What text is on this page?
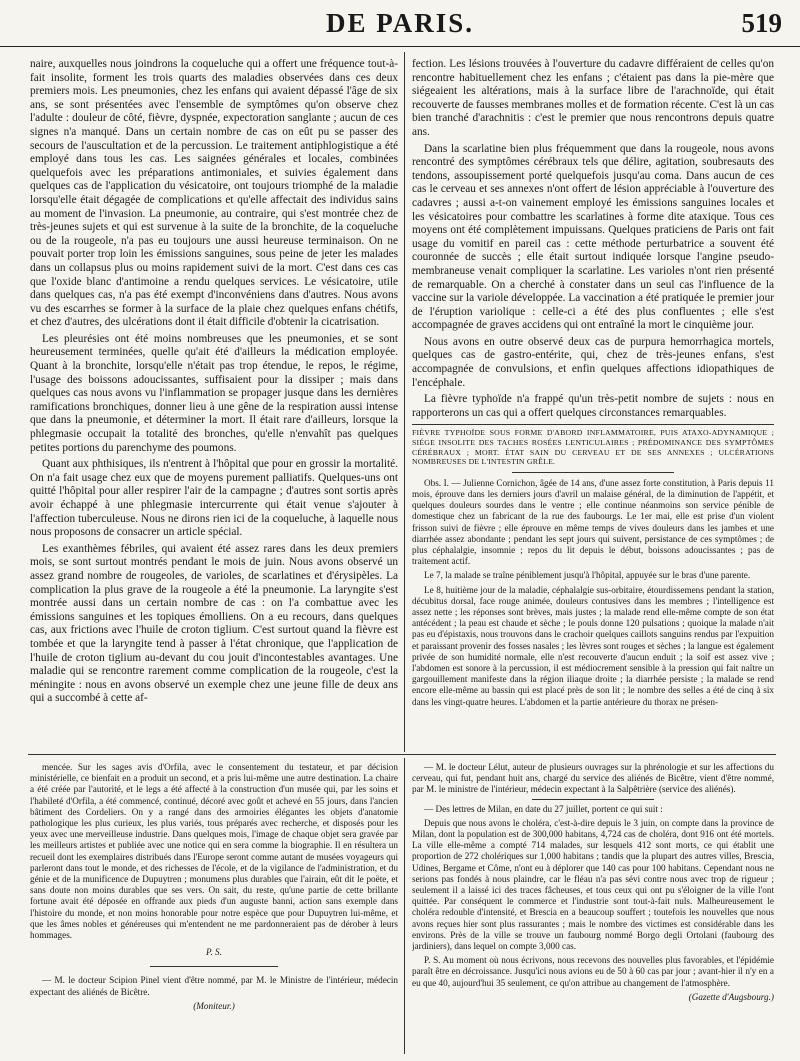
DE PARIS.	519

naire, auxquelles nous joindrons la coqueluche qui a offert une fréquence tout-à-fait insolite, forment les trois quarts des maladies observées dans ces deux premiers mois. Les pneumonies, chez les enfans qui avaient dépassé l'âge de six ans, se sont présentées avec l'ensemble de symptômes qu'on observe chez l'adulte : douleur de côté, fièvre, dyspnée, expectoration sanglante ; aucun de ces signes n'a manqué. Dans un certain nombre de cas on eût pu se passer des secours de l'auscultation et de la percussion. Le traitement antiphlogistique a été employé dans tous les cas. Les saignées générales et locales, combinées quelquefois avec les préparations antimoniales, et suivies également dans quelques cas de l'application du vésicatoire, ont toujours triomphé de la maladie lorsqu'elle était dégagée de complications et qu'elle affectait des individus sains au moment de l'invasion. La pneumonie, au contraire, qui s'est montrée chez de très-jeunes sujets et qui est survenue à la suite de la bronchite, de la coqueluche ou de la rougeole, n'a pas eu toujours une aussi heureuse terminaison. On ne pouvait porter trop loin les émissions sanguines, sous peine de jeter les malades dans un collapsus plus ou moins rapidement suivi de la mort. C'est dans ces cas que l'oxide blanc d'antimoine a rendu quelques services. Le vésicatoire, utile dans quelques cas, n'a pas été exempt d'inconvéniens dans d'autres. Nous avons vu des escarrhes se former à la surface de la plaie chez quelques enfans chétifs, et chez d'autres, des ulcérations dont il était difficile d'obtenir la cicatrisation.

Les pleurésies ont été moins nombreuses que les pneumonies, et se sont heureusement terminées, quelle qu'ait été d'ailleurs la médication employée. Quant à la bronchite, lorsqu'elle n'était pas trop étendue, le repos, le régime, l'usage des boissons adoucissantes, suffisaient pour la dissiper ; mais dans quelques cas nous avons vu l'inflammation se propager jusque dans les dernières ramifications bronchiques, donner lieu à une gêne de la respiration aussi intense que dans la pneumonie, et déterminer la mort. Il était rare d'ailleurs, lorsque la phlegmasie occupait la totalité des bronches, qu'elle n'envahît pas quelques petites portions du parenchyme des poumons.

Quant aux phthisiques, ils n'entrent à l'hôpital que pour en grossir la mortalité. On n'a fait usage chez eux que de moyens purement palliatifs. Quelques-uns ont quitté l'hôpital pour aller respirer l'air de la campagne ; d'autres sont sortis après avoir échappé à une phlegmasie intercurrente qui était venue s'ajouter à l'affection tuberculeuse. Nous ne dirons rien ici de la coqueluche, à laquelle nous nous proposons de consacrer un article spécial.

Les exanthèmes fébriles, qui avaient été assez rares dans les deux premiers mois, se sont surtout montrés pendant le mois de juin. Nous avons observé un assez grand nombre de rougeoles, de varioles, de scarlatines et d'érysipèles. La complication la plus grave de la rougeole a été la pneumonie. La laryngite s'est montrée aussi dans un certain nombre de cas : on l'a combattue avec les émissions sanguines et les topiques émolliens. On a eu recours, dans quelques cas, aux frictions avec l'huile de croton tiglium. C'est surtout quand la fièvre est tombée et que la laryngite tend à passer à l'état chronique, que l'application de l'huile de croton tiglium au-devant du cou jouit d'incontestables avantages. Une maladie qui se rencontre rarement comme complication de la rougeole, c'est la méningite : nous en avons observé un exemple chez une jeune fille de deux ans qui a succombé à cette af-

fection. Les lésions trouvées à l'ouverture du cadavre différaient de celles qu'on rencontre habituellement chez les enfans ; c'étaient pas dans la pie-mère que siégeaient les altérations, mais à la surface libre de l'arachnoïde, qui était recouverte de fausses membranes molles et de formation récente. C'est là un cas bien tranché d'arachnitis : c'est le premier que nous rencontrons depuis quatre ans.

Dans la scarlatine bien plus fréquemment que dans la rougeole, nous avons rencontré des symptômes cérébraux tels que délire, agitation, soubresauts des tendons, assoupissement porté quelquefois jusqu'au coma. Dans aucun de ces cas le cerveau et ses annexes n'ont offert de lésion appréciable à l'ouverture des cadavres ; aussi a-t-on vainement employé les émissions sanguines locales et les vésicatoires pour combattre les scarlatines à forme dite ataxique. Tous ces moyens ont été complètement impuissans. Quelques praticiens de Paris ont fait usage du vomitif en pareil cas : cette méthode perturbatrice a souvent été couronnée de succès ; elle était surtout indiquée lorsque l'angine pseudo-membraneuse venait compliquer la scarlatine. Les varioles n'ont rien présenté de remarquable. On a cherché à constater dans un seul cas l'influence de la vaccine sur la variole développée. La vaccination a été pratiquée le premier jour de l'éruption variolique : celle-ci a été des plus confluentes ; elle s'est accompagnée de graves accidens qui ont entraîné la mort le cinquième jour.

Nous avons en outre observé deux cas de purpura hemorrhagica mortels, quelques cas de gastro-entérite, qui, chez de très-jeunes enfans, s'est accompagnée de convulsions, et enfin quelques affections idiopathiques de l'encéphale.

La fièvre typhoïde n'a frappé qu'un très-petit nombre de sujets : nous en rapporterons un cas qui a offert quelques circonstances remarquables.

FIÈVRE TYPHOÏDE SOUS FORME D'ABORD INFLAMMATOIRE, PUIS ATAXO-ADYNAMIQUE ; SIÉGE INSOLITE DES TACHES ROSÉES LENTICULAIRES ; PRÉDOMINANCE DES SYMPTÔMES CÉRÉBRAUX ; MORT. ÉTAT SAIN DU CERVEAU ET DE SES ANNEXES ; ULCÉRATIONS NOMBREUSES DE L'INTESTIN GRÊLE.

Obs. I. — Julienne Cornichon, âgée de 14 ans, d'une assez forte constitution, à Paris depuis 11 mois, éprouve dans les derniers jours d'avril un malaise général, de la diminution de l'appétit, et quelques douleurs sourdes dans le ventre ; elle continue néanmoins son service pénible de domestique chez un fabricant de la rue des faubourgs. Le 1er mai, elle est prise d'un violent frisson suivi de fièvre ; elle éprouve en même temps de vives douleurs dans les jambes et une diarrhée assez abondante ; pendant les sept jours qui suivent, persistance de ces symptômes ; de plus céphalalgie, insomnie ; repos du lit depuis le début, boissons adoucissantes ; pas de traitement actif.

Le 7, la malade se traîne péniblement jusqu'à l'hôpital, appuyée sur le bras d'une parente.

Le 8, huitième jour de la maladie, céphalalgie sus-orbitaire, étourdissemens pendant la station, décubitus dorsal, face rouge animée, douleurs contusives dans les membres ; l'intelligence est assez nette ; les réponses sont brèves, mais justes ; la malade rend elle-même compte de son état antécédent ; la peau est chaude et sèche ; le pouls donne 120 pulsations ; quoique la malade n'ait pas eu d'épistaxis, nous trouvons dans le crachoir quelques caillots sanguins rendus par l'expuition et paraissant provenir des fosses nasales ; les lèvres sont rouges et sèches ; la langue est également privée de son humidité normale, elle n'est recouverte d'aucun enduit ; la soif est assez vive ; l'abdomen est sonore à la percussion, il est médiocrement sensible à la pression qui fait naître un gargouillement manifeste dans la région iliaque droite ; la diarrhée persiste ; la malade se rend encore elle-même au bassin qui est placé près de son lit ; le nombre des selles a été de cinq à six dans les vingt-quatre heures. L'abdomen et la partie antérieure du thorax ne présen-

mencée. Sur les sages avis d'Orfila, avec le consentement du testateur, et par décision ministérielle, ce bienfait en a produit un second, et a pris lui-même une autre destination. La chaire a été créée par l'autorité, et le legs a été affecté à la construction d'un musée qui, par les soins et l'habileté d'Orfila, a été commencé, continué, décoré avec goût et achevé en 55 jours, dans l'ancien bâtiment des Cordeliers. On y a rangé dans des armoiries élégantes les objets d'anatomie pathologique les plus curieux, les plus variés, tous préparés avec recherche, et disposés pour les yeux avec une merveilleuse industrie. Dans quelques mois, l'image de chaque objet sera gravée par les meilleurs artistes et publiée avec une notice qui en sera comme la biographie. Il en résultera un recueil dont les exemplaires distribués dans l'Europe seront comme autant de musées voyageurs qui parleront dans tout le monde, et des richesses de l'école, et de la vigilance de l'administration, et du génie et de la munificence de Dupuytren ; monumens plus durables que l'airain, eût dit le poëte, et sans doute non moins durables que ses vers. On sait, du reste, qu'une partie de cette brillante fortune avait été déposée en offrande aux pieds d'un auguste banni, action sans exemple dans l'histoire du monde, et non moins honorable pour notre espèce que pour Dupuytren lui-même, et que les âmes nobles et généreuses qui m'entendent ne me pardonneraient pas de dérober à leurs hommages.

P. S.

— M. le docteur Scipion Pinel vient d'être nommé, par M. le Ministre de l'intérieur, médecin expectant des aliénés de Bicêtre.

(Moniteur.)

— M. le docteur Lélut, auteur de plusieurs ouvrages sur la phrénologie et sur les affections du cerveau, qui fut, pendant huit ans, chargé du service des aliénés de Bicêtre, vient d'être nommé, par M. le ministre de l'intérieur, médecin expectant à la Salpêtrière (service des aliénés).

— Des lettres de Milan, en date du 27 juillet, portent ce qui suit :

Depuis que nous avons le choléra, c'est-à-dire depuis le 3 juin, on compte dans la province de Milan, dont la population est de 300,000 habitans, 4,724 cas de choléra, dont 916 ont été mortels. La ville elle-même a compté 714 malades, sur lesquels 412 sont morts, ce qui établit une proportion de 272 cholériques sur 1,000 habitans ; tandis que la plupart des autres villes, Brescia, Udines, Bergame et Côme, n'ont eu à déplorer que 140 cas pour 100 habitans. Cependant nous ne serions pas fondés à nous plaindre, car le fléau n'a pas sévi contre nous avec trop de rigueur ; seulement il a laissé ici des traces fâcheuses, et tous ceux qui ont pu s'éloigner de la ville l'ont quittée. Par conséquent le commerce et l'industrie sont tout-à-fait nuls. Malheureusement le choléra redouble d'intensité, et Brescia en a beaucoup souffert ; toutefois les nouvelles que nous avons reçues hier sont plus rassurantes ; mais le nombre des victimes est considérable dans les environs. Près de la ville se trouve un faubourg nommé Borgo degli Ortolani (faubourg des jardiniers), dans lequel on compte 3,000 cas.

P. S. Au moment où nous écrivons, nous recevons des nouvelles plus favorables, et l'épidémie paraît être en décroissance. Jusqu'ici nous avions eu de 50 à 60 cas par jour ; avant-hier il n'y en a eu que 40, aujourd'hui 35 seulement, ce qu'on attribue au changement de l'atmosphère.

(Gazette d'Augsbourg.)
